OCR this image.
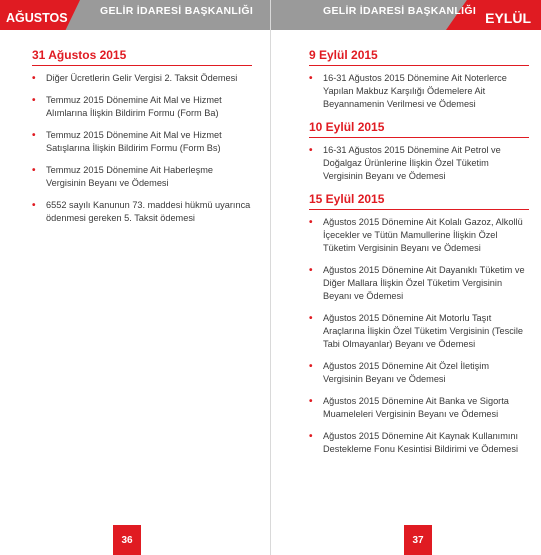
AĞUSTOS	GELİR İDARESİ BAŞKANLIĞI
31 Ağustos 2015
• Diğer Ücretlerin Gelir Vergisi 2. Taksit Ödemesi
• Temmuz 2015 Dönemine Ait Mal ve Hizmet Alımlarına İlişkin Bildirim Formu (Form Ba)
• Temmuz 2015 Dönemine Ait Mal ve Hizmet Satışlarına İlişkin Bildirim Formu (Form Bs)
• Temmuz 2015 Dönemine Ait Haberleşme Vergisinin Beyanı ve Ödemesi
• 6552 sayılı Kanunun 73. maddesi hükmü uyarınca ödenmesi gereken 5. Taksit ödemesi
36
GELİR İDARESİ BAŞKANLIĞI EYLÜL
9 Eylül 2015
• 16-31 Ağustos 2015 Dönemine Ait Noterlerce Yapılan Makbuz Karşılığı Ödemelere Ait Beyannamenin Verilmesi ve Ödemesi
10 Eylül 2015
• 16-31 Ağustos 2015 Dönemine Ait Petrol ve Doğalgaz Ürünlerine İlişkin Özel Tüketim Vergisinin Beyanı ve Ödemesi
15 Eylül 2015
• Ağustos 2015 Dönemine Ait Kolalı Gazoz, Alkollü İçecekler ve Tütün Mamullerine İlişkin Özel Tüketim Vergisinin Beyanı ve Ödemesi
• Ağustos 2015 Dönemine Ait Dayanıklı Tüketim ve Diğer Mallara İlişkin Özel Tüketim Vergisinin Beyanı ve Ödemesi
• Ağustos 2015 Dönemine Ait Motorlu Taşıt Araçlarına İlişkin Özel Tüketim Vergisinin (Tescile Tabi Olmayanlar) Beyanı ve Ödemesi
• Ağustos 2015 Dönemine Ait Özel İletişim Vergisinin Beyanı ve Ödemesi
• Ağustos 2015 Dönemine Ait Banka ve Sigorta Muameleleri Vergisinin Beyanı ve Ödemesi
• Ağustos 2015 Dönemine Ait Kaynak Kullanımını Destekleme Fonu Kesintisi Bildirimi ve Ödemesi
37
